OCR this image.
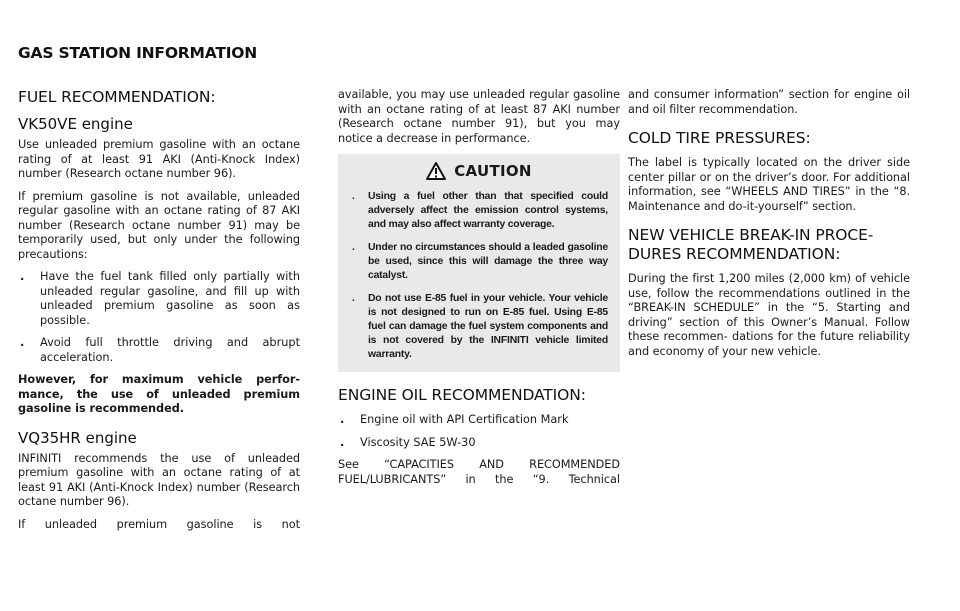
GAS STATION INFORMATION
FUEL RECOMMENDATION:
VK50VE engine

Use unleaded premium gasoline with an octane rating of at least 91 AKI (Anti-Knock Index) number (Research octane number 96).

If premium gasoline is not available, unleaded regular gasoline with an octane rating of 87 AKI number (Research octane number 91) may be temporarily used, but only under the following precautions:

. Have the fuel tank filled only partially with unleaded regular gasoline, and fill up with unleaded premium gasoline as soon as possible.
. Avoid full throttle driving and abrupt acceleration.

However, for maximum vehicle perfor- mance, the use of unleaded premium gasoline is recommended.

VQ35HR engine

INFINITI recommends the use of unleaded premium gasoline with an octane rating of at least 91 AKI (Anti-Knock Index) number (Research octane number 96).

If unleaded premium gasoline is not

available, you may use unleaded regular gasoline with an octane rating of at least 87 AKI number (Research octane number 91), but you may notice a decrease in performance.

CAUTION
. Using a fuel other than that specified could adversely affect the emission control systems, and may also affect warranty coverage.
. Under no circumstances should a leaded gasoline be used, since this will damage the three way catalyst.
. Do not use E-85 fuel in your vehicle. Your vehicle is not designed to run on E-85 fuel. Using E-85 fuel can damage the fuel system components and is not covered by the INFINITI vehicle limited warranty.
ENGINE OIL RECOMMENDATION:
. Engine oil with API Certification Mark
. Viscosity SAE 5W-30

See “CAPACITIES AND RECOMMENDED FUEL/LUBRICANTS” in the “9. Technical

and consumer information” section for engine oil and oil filter recommendation.

COLD TIRE PRESSURES:

The label is typically located on the driver side center pillar or on the driver’s door. For additional information, see “WHEELS AND TIRES” in the “8. Maintenance and do-it-yourself” section.

NEW VEHICLE BREAK-IN PROCE-
DURES RECOMMENDATION:

During the first 1,200 miles (2,000 km) of vehicle use, follow the recommendations outlined in the “BREAK-IN SCHEDULE” in the “5. Starting and driving” section of this Owner’s Manual. Follow these recommen- dations for the future reliability and economy of your new vehicle.
